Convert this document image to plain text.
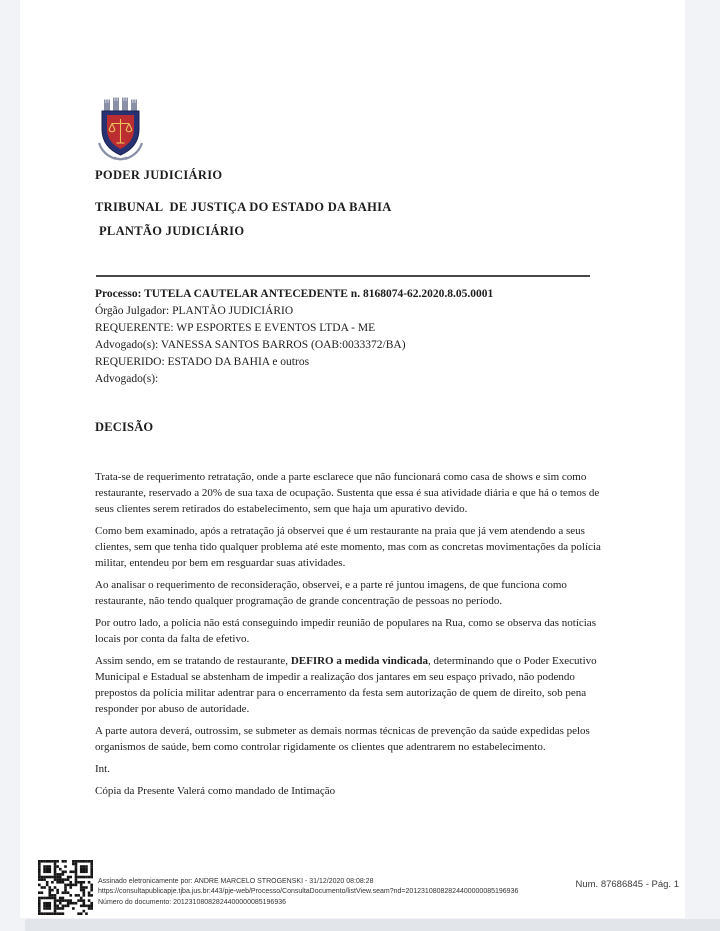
PODER JUDICIÁRIO
TRIBUNAL  DE JUSTIÇA DO ESTADO DA BAHIA
PLANTÃO JUDICIÁRIO
Processo: TUTELA CAUTELAR ANTECEDENTE n. 8168074-62.2020.8.05.0001
Órgão Julgador: PLANTÃO JUDICIÁRIO
REQUERENTE: WP ESPORTES E EVENTOS LTDA - ME
Advogado(s): VANESSA SANTOS BARROS (OAB:0033372/BA)
REQUERIDO: ESTADO DA BAHIA e outros
Advogado(s):
DECISÃO

Trata-se de requerimento retratação, onde a parte esclarece que não funcionará como casa de shows e sim como restaurante, reservado a 20% de sua taxa de ocupação. Sustenta que essa é sua atividade diária e que há o temos de seus clientes serem retirados do estabelecimento, sem que haja um apurativo devido.

Como bem examinado, após a retratação já observei que é um restaurante na praia que já vem atendendo a seus clientes, sem que tenha tido qualquer problema até este momento, mas com as concretas movimentações da polícia militar, entendeu por bem em resguardar suas atividades.

Ao analisar o requerimento de reconsideração, observei, e a parte ré juntou imagens, de que funciona como restaurante, não tendo qualquer programação de grande concentração de pessoas no período.

Por outro lado, a polícia não está conseguindo impedir reunião de populares na Rua, como se observa das notícias locais por conta da falta de efetivo.

Assim sendo, em se tratando de restaurante, DEFIRO a medida vindicada, determinando que o Poder Executivo Municipal e Estadual se abstenham de impedir a realização dos jantares em seu espaço privado, não podendo prepostos da polícia militar adentrar para o encerramento da festa sem autorização de quem de direito, sob pena responder por abuso de autoridade.

A parte autora deverá, outrossim, se submeter as demais normas técnicas de prevenção da saúde expedidas pelos organismos de saúde, bem como controlar rigidamente os clientes que adentrarem no estabelecimento.

Int.

Cópia da Presente Valerá como mandado de Intimação

Assinado eletronicamente por: ANDRE MARCELO STROGENSKI - 31/12/2020 08:08:28
https://consultapublicapje.tjba.jus.br:443/pje-web/Processo/ConsultaDocumento/listView.seam?nd=20123108082824400000085196936
Número do documento: 20123108082824400000085196936
Num. 87686845 - Pág. 1
